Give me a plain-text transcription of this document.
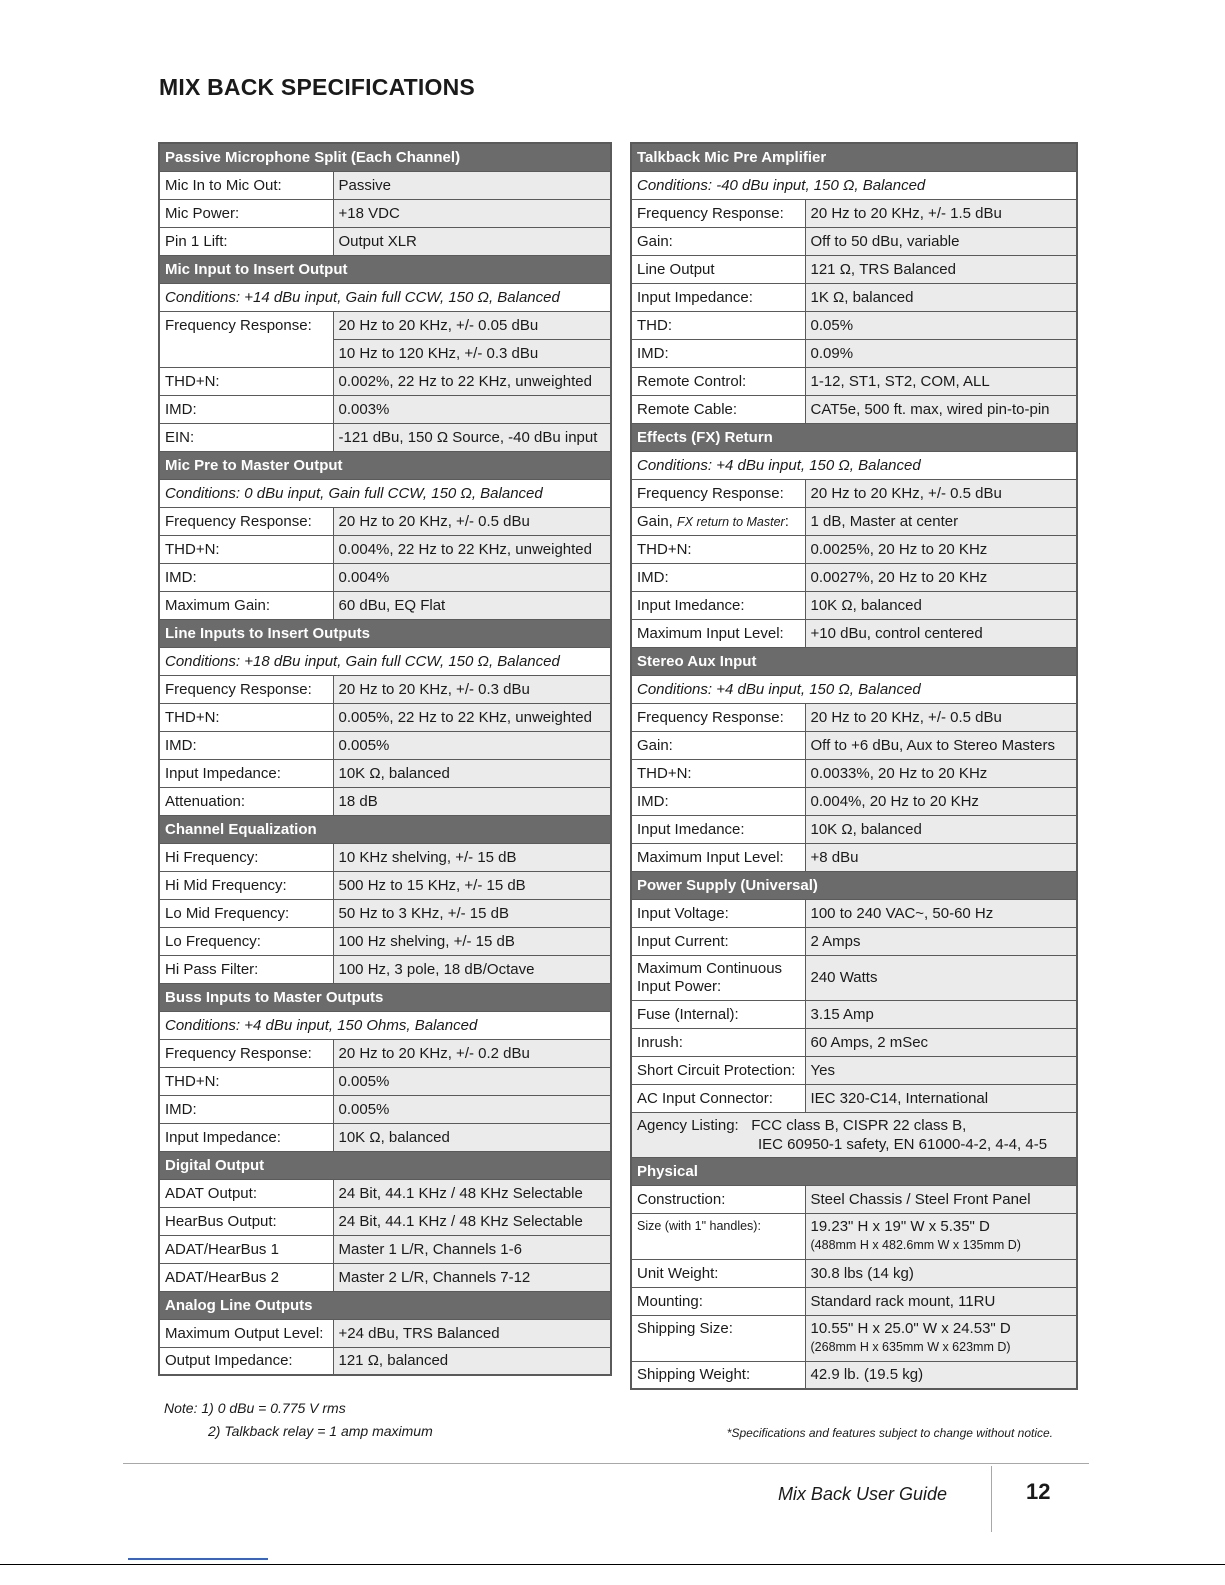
MIX BACK SPECIFICATIONS
Passive Microphone Split (Each Channel)	
Mic In to Mic Out:	Passive
Mic Power:	+18 VDC
Pin 1 Lift:	Output XLR
Mic Input to Insert Output	
Conditions: +14 dBu input, Gain full CCW, 150 Ω, Balanced	
Frequency Response:	20 Hz to 20 KHz, +/- 0.05 dBu
	10 Hz to 120 KHz, +/- 0.3 dBu
THD+N:	0.002%, 22 Hz to 22 KHz, unweighted
IMD:	0.003%
EIN:	-121 dBu, 150 Ω Source, -40 dBu input
Mic Pre to Master Output	
Conditions: 0 dBu input, Gain full CCW, 150 Ω, Balanced	
Frequency Response:	20 Hz to 20 KHz, +/- 0.5 dBu
THD+N:	0.004%, 22 Hz to 22 KHz, unweighted
IMD:	0.004%
Maximum Gain:	60 dBu, EQ Flat
Line Inputs to Insert Outputs	
Conditions: +18 dBu input, Gain full CCW, 150 Ω, Balanced	
Frequency Response:	20 Hz to 20 KHz, +/- 0.3 dBu
THD+N:	0.005%, 22 Hz to 22 KHz, unweighted
IMD:	0.005%
Input Impedance:	10K Ω, balanced
Attenuation:	18 dB
Channel Equalization	
Hi Frequency:	10 KHz shelving, +/- 15 dB
Hi Mid Frequency:	500 Hz to 15 KHz, +/- 15 dB
Lo Mid Frequency:	50 Hz to 3 KHz, +/- 15 dB
Lo Frequency:	100 Hz shelving, +/- 15 dB
Hi Pass Filter:	100 Hz, 3 pole, 18 dB/Octave
Buss Inputs to Master Outputs	
Conditions: +4 dBu input, 150 Ohms, Balanced	
Frequency Response:	20 Hz to 20 KHz, +/- 0.2 dBu
THD+N:	0.005%
IMD:	0.005%
Input Impedance:	10K Ω, balanced
Digital Output	
ADAT Output:	24 Bit, 44.1 KHz / 48 KHz Selectable
HearBus Output:	24 Bit, 44.1 KHz / 48 KHz Selectable
ADAT/HearBus 1	Master 1 L/R, Channels 1-6
ADAT/HearBus 2	Master 2 L/R, Channels 7-12
Analog Line Outputs	
Maximum Output Level:	+24 dBu, TRS Balanced
Output Impedance:	121 Ω, balanced
Talkback Mic Pre Amplifier	
Conditions: -40 dBu input, 150 Ω, Balanced	
Frequency Response:	20 Hz to 20 KHz, +/- 1.5 dBu
Gain:	Off to 50 dBu, variable
Line Output	121 Ω, TRS Balanced
Input Impedance:	1K Ω, balanced
THD:	0.05%
IMD:	0.09%
Remote Control:	1-12, ST1, ST2, COM, ALL
Remote Cable:	CAT5e, 500 ft. max, wired pin-to-pin
Effects (FX) Return	
Conditions: +4 dBu input, 150 Ω, Balanced	
Frequency Response:	20 Hz to 20 KHz, +/- 0.5 dBu
Gain, FX return to Master:	1 dB, Master at center
THD+N:	0.0025%, 20 Hz to 20 KHz
IMD:	0.0027%, 20 Hz to 20 KHz
Input Imedance:	10K Ω, balanced
Maximum Input Level:	+10 dBu, control centered
Stereo Aux Input	
Conditions: +4 dBu input, 150 Ω, Balanced	
Frequency Response:	20 Hz to 20 KHz, +/- 0.5 dBu
Gain:	Off to +6 dBu, Aux to Stereo Masters
THD+N:	0.0033%, 20 Hz to 20 KHz
IMD:	0.004%, 20 Hz to 20 KHz
Input Imedance:	10K Ω, balanced
Maximum Input Level:	+8 dBu
Power Supply (Universal)	
Input Voltage:	100 to 240 VAC~, 50-60 Hz
Input Current:	2 Amps
Maximum Continuous
Input Power:	240 Watts
Fuse (Internal):	3.15 Amp
Inrush:	60 Amps, 2 mSec
Short Circuit Protection:	Yes
AC Input Connector:	IEC 320-C14, International
Agency Listing: FCC class B, CISPR 22 class B,
IEC 60950-1 safety, EN 61000-4-2, 4-4, 4-5	
Physical	
Construction:	Steel Chassis / Steel Front Panel
Size (with 1" handles):	19.23" H x 19" W x 5.35" D
(488mm H x 482.6mm W x 135mm D)
Unit Weight:	30.8 lbs (14 kg)
Mounting:	Standard rack mount, 11RU
Shipping Size:	10.55" H x 25.0" W x 24.53" D
(268mm H x 635mm W x 623mm D)
Shipping Weight:	42.9 lb. (19.5 kg)
Note: 1) 0 dBu = 0.775 V rms
2) Talkback relay = 1 amp maximum	*Specifications and features subject to change without notice.
Mix Back User Guide	12
